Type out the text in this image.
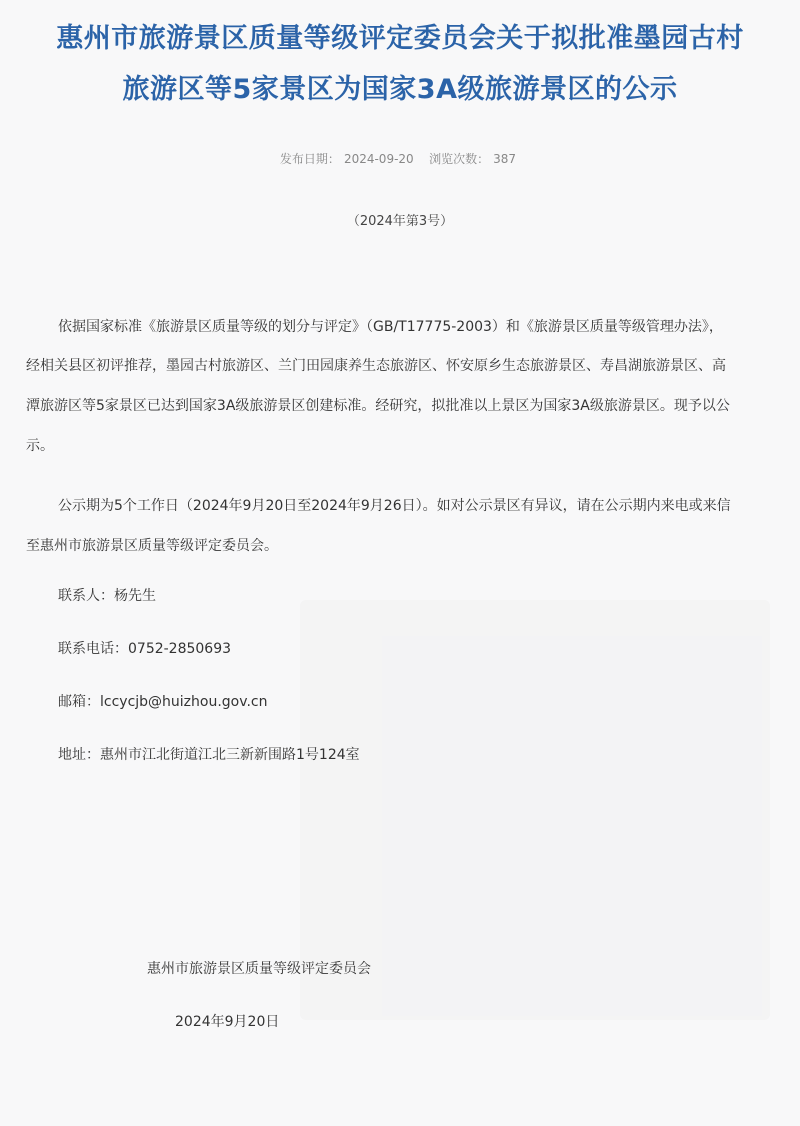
惠州市旅游景区质量等级评定委员会关于拟批准墨园古村
旅游区等5家景区为国家3A级旅游景区的公示
发布日期： 2024-09-20 浏览次数： 387
（2024年第3号）
依据国家标准《旅游景区质量等级的划分与评定》（GB/T17775-2003）和《旅游景区质量等级管理办法》，
经相关县区初评推荐，墨园古村旅游区、兰门田园康养生态旅游区、怀安原乡生态旅游景区、寿昌湖旅游景区、高
潭旅游区等5家景区已达到国家3A级旅游景区创建标准。经研究，拟批准以上景区为国家3A级旅游景区。现予以公
示。
公示期为5个工作日（2024年9月20日至2024年9月26日）。如对公示景区有异议，请在公示期内来电或来信
至惠州市旅游景区质量等级评定委员会。
联系人：杨先生
联系电话：0752-2850693
邮箱：lccycjb@huizhou.gov.cn
地址：惠州市江北街道江北三新新围路1号124室
惠州市旅游景区质量等级评定委员会
2024年9月20日
